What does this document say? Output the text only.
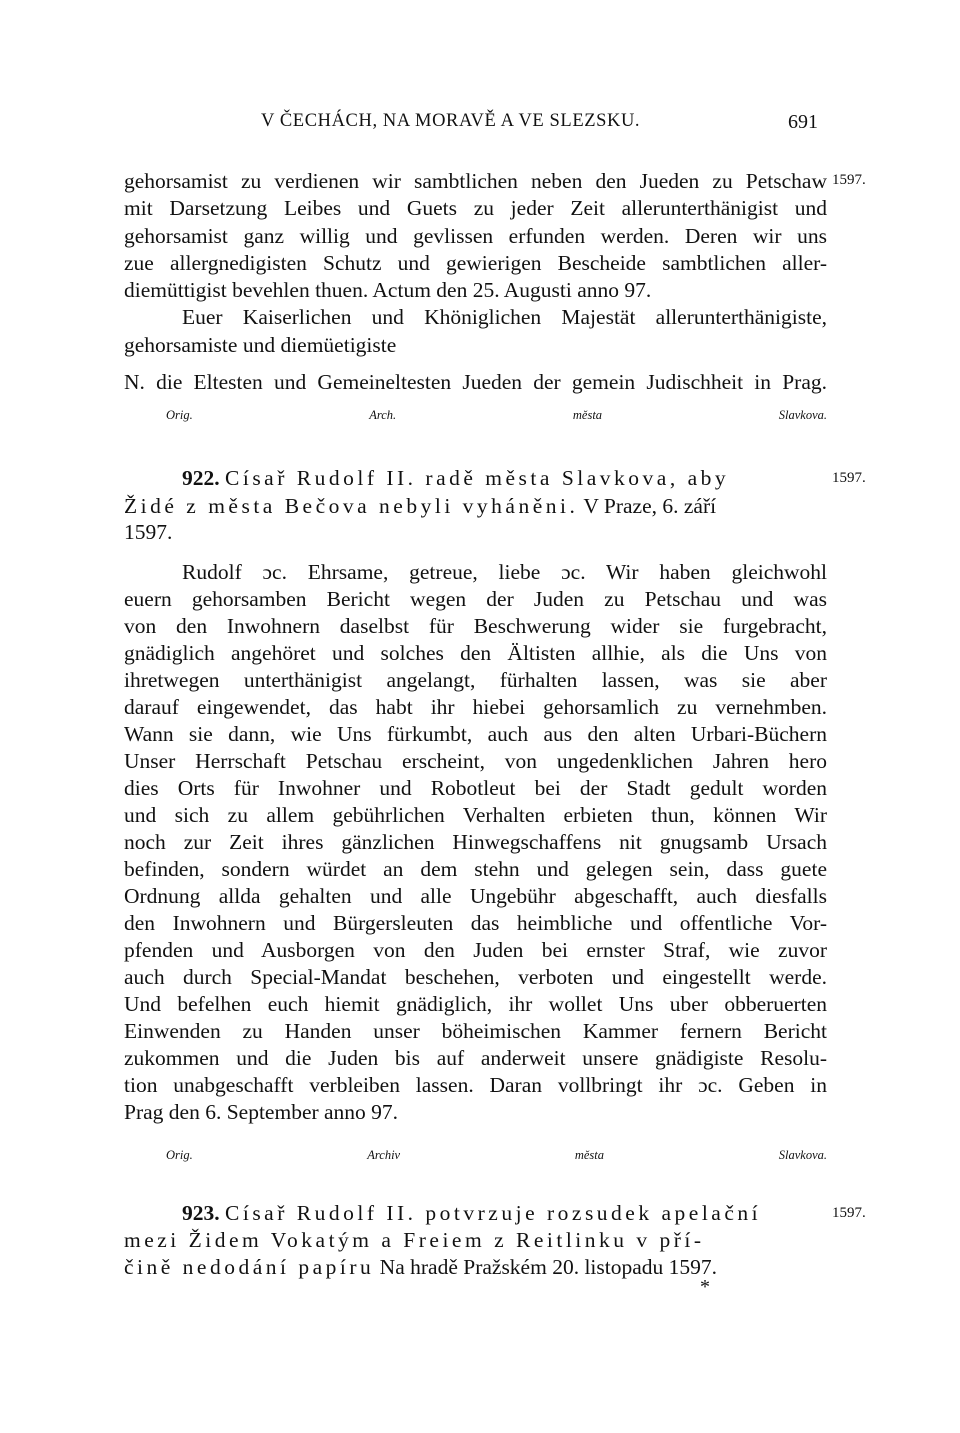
V ČECHÁCH, NA MORAVĚ A VE SLEZSKU.	691
gehorsamist zu verdienen wir sambtlichen neben den Jueden zu Petschaw 1597.
mit Darsetzung Leibes und Guets zu jeder Zeit allerunterthänigist und
gehorsamist ganz willig und gevlissen erfunden werden. Deren wir uns
zue allergnedigisten Schutz und gewierigen Bescheide sambtlichen aller-
diemüttigist bevehlen thuen. Actum den 25. Augusti anno 97.
Euer Kaiserlichen und Khöniglichen Majestät allerunterthänigiste,
gehorsamiste und diemüetigiste
N. die Eltesten und Gemeineltesten Jueden der gemein Judischheit in Prag.
Orig. Arch. města Slavkova.
922. Císař Rudolf II. radě města Slavkova, aby	1597.
Židé z města Bečova nebyli vyháněni. V Praze, 6. září
1597.
Rudolf ɔc. Ehrsame, getreue, liebe ɔc. Wir haben gleichwohl
euern gehorsamben Bericht wegen der Juden zu Petschau und was
von den Inwohnern daselbst für Beschwerung wider sie furgebracht,
gnädiglich angehöret und solches den Ältisten allhie, als die Uns von
ihretwegen unterthänigist angelangt, fürhalten lassen, was sie aber
darauf eingewendet, das habt ihr hiebei gehorsamlich zu vernehmben.
Wann sie dann, wie Uns fürkumbt, auch aus den alten Urbari-Büchern
Unser Herrschaft Petschau erscheint, von ungedenklichen Jahren hero
dies Orts für Inwohner und Robotleut bei der Stadt gedult worden
und sich zu allem gebührlichen Verhalten erbieten thun, können Wir
noch zur Zeit ihres gänzlichen Hinwegschaffens nit gnugsamb Ursach
befinden, sondern würdet an dem stehn und gelegen sein, dass guete
Ordnung allda gehalten und alle Ungebühr abgeschafft, auch diesfalls
den Inwohnern und Bürgersleuten das heimbliche und offentliche Vor-
pfenden und Ausborgen von den Juden bei ernster Straf, wie zuvor
auch durch Special-Mandat beschehen, verboten und eingestellt werde.
Und befelhen euch hiemit gnädiglich, ihr wollet Uns uber obberuerten
Einwenden zu Handen unser böheimischen Kammer fernern Bericht
zukommen und die Juden bis auf anderweit unsere gnädigiste Resolu-
tion unabgeschafft verbleiben lassen. Daran vollbringt ihr ɔc. Geben in
Prag den 6. September anno 97.
Orig. Archiv města Slavkova.
923. Císař Rudolf II. potvrzuje rozsudek apelační	1597.
mezi Židem Vokatým a Freiem z Reitlinku v pří-
čině nedodání papíru Na hradě Pražském 20. listopadu 1597.
*
